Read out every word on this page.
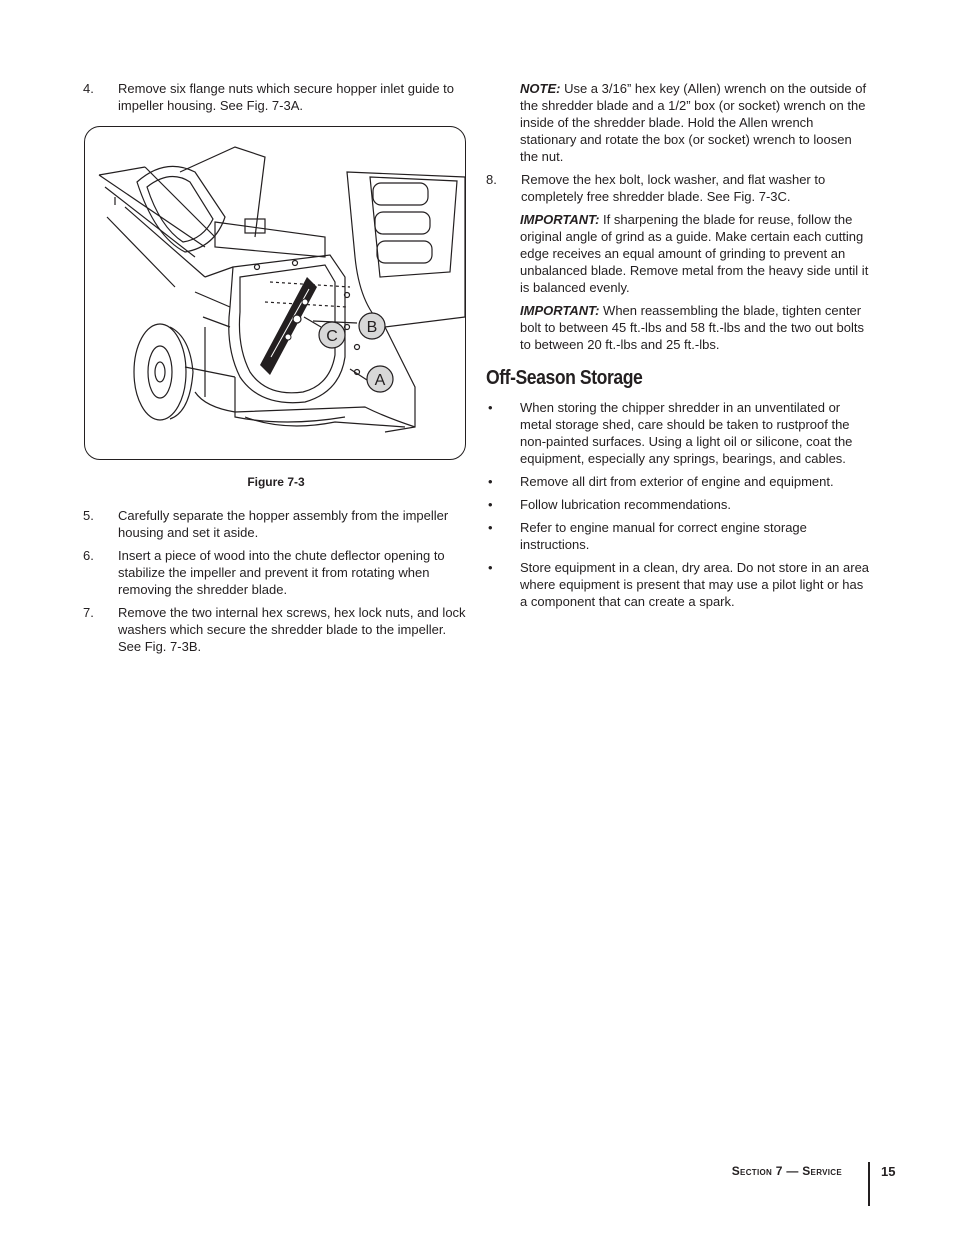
4. Remove six flange nuts which secure hopper inlet guide to impeller housing. See Fig. 7-3A.
B
C
A
Figure 7-3
5. Carefully separate the hopper assembly from the impeller housing and set it aside.
6. Insert a piece of wood into the chute deflector opening to stabilize the impeller and prevent it from rotating when removing the shredder blade.
7. Remove the two internal hex screws, hex lock nuts, and lock washers which secure the shredder blade to the impeller. See Fig. 7-3B.
NOTE: Use a 3/16” hex key (Allen) wrench on the outside of the shredder blade and a 1/2” box (or socket) wrench on the inside of the shredder blade. Hold the Allen wrench stationary and rotate the box (or socket) wrench to loosen the nut.
8. Remove the hex bolt, lock washer, and flat washer to completely free shredder blade. See Fig. 7-3C.
IMPORTANT: If sharpening the blade for reuse, follow the original angle of grind as a guide. Make certain each cutting edge receives an equal amount of grinding to prevent an unbalanced blade. Remove metal from the heavy side until it is balanced evenly.
IMPORTANT: When reassembling the blade, tighten center bolt to between 45 ft.-lbs and 58 ft.-lbs and the two out bolts to between 20 ft.-lbs and 25 ft.-lbs.
Off-Season Storage
• When storing the chipper shredder in an unventilated or metal storage shed, care should be taken to rustproof the non-painted surfaces. Using a light oil or silicone, coat the equipment, especially any springs, bearings, and cables.
• Remove all dirt from exterior of engine and equipment.
• Follow lubrication recommendations.
• Refer to engine manual for correct engine storage instructions.
• Store equipment in a clean, dry area. Do not store in an area where equipment is present that may use a pilot light or has a component that can create a spark.
Section 7 — Service	15
